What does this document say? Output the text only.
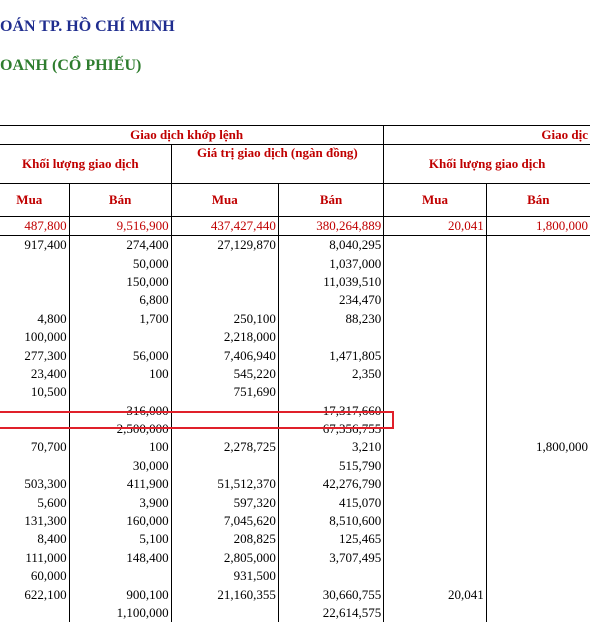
OÁN TP. HỒ CHÍ MINH
OANH (CỔ PHIẾU)
Giao dịch khớp lệnh				Giao dịc	
Khối lượng giao dịch		Giá trị giao dịch (ngàn đồng)		Khối lượng giao dịch	
Mua	Bán	Mua	Bán	Mua	Bán
487,800	9,516,900	437,427,440	380,264,889	20,041	1,800,000
917,400	274,400	27,129,870	8,040,295		
	50,000		1,037,000		
	150,000		11,039,510		
	6,800		234,470		
4,800	1,700	250,100	88,230		
100,000		2,218,000			
277,300	56,000	7,406,940	1,471,805		
23,400	100	545,220	2,350		
10,500		751,690			
	316,000		17,317,660		
	2,500,000		67,356,755		
70,700	100	2,278,725	3,210		1,800,000
	30,000		515,790		
503,300	411,900	51,512,370	42,276,790		
5,600	3,900	597,320	415,070		
131,300	160,000	7,045,620	8,510,600		
8,400	5,100	208,825	125,465		
111,000	148,400	2,805,000	3,707,495		
60,000		931,500			
622,100	900,100	21,160,355	30,660,755	20,041	
	1,100,000		22,614,575		
